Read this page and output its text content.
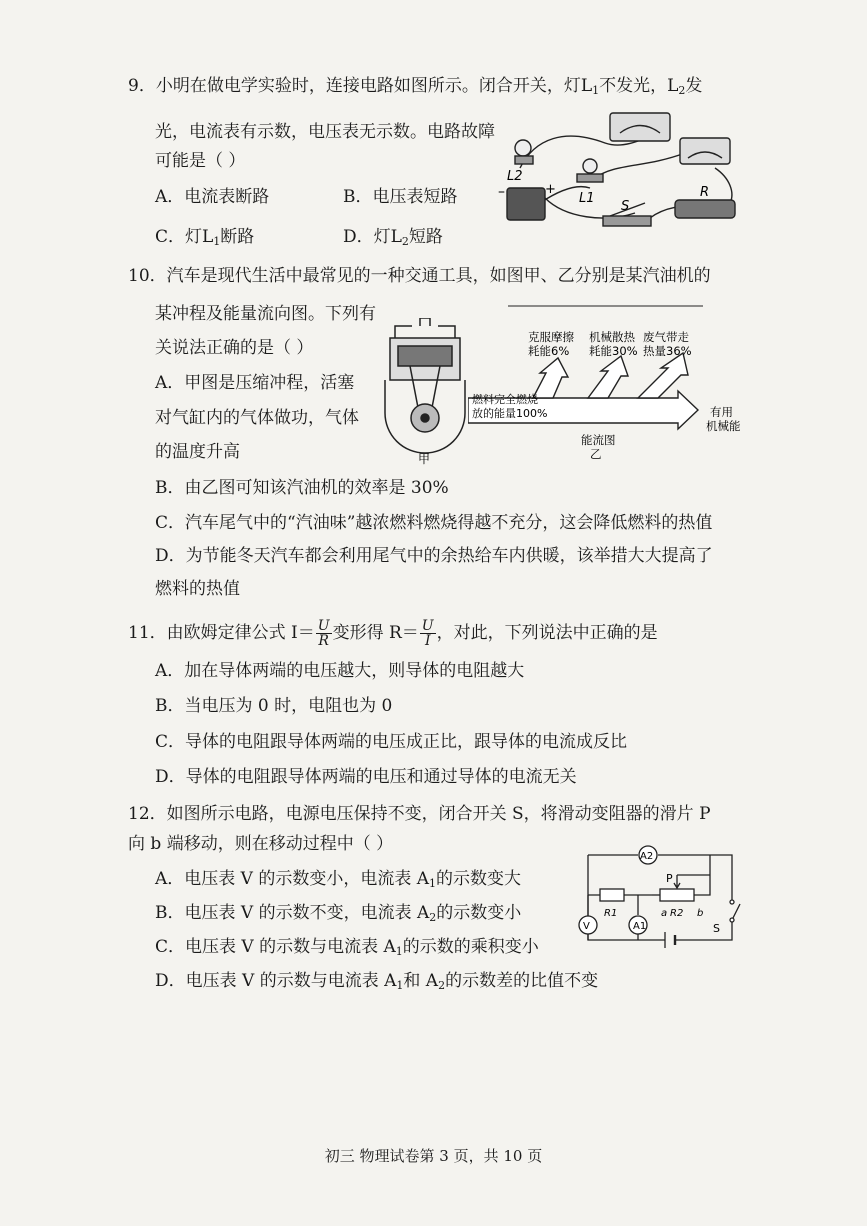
9．小明在做电学实验时，连接电路如图所示。闭合开关，灯$L_1$不发光，$L_2$发
光，电流表有示数，电压表无示数。电路故障
可能是（ ）
A．电流表断路	B．电压表短路
C．灯$L_1$断路	D．灯$L_2$短路
L2
L1
S
R
–	+
10．汽车是现代生活中最常见的一种交通工具，如图甲、乙分别是某汽油机的
某冲程及能量流向图。下列有
关说法正确的是（ ）
A．甲图是压缩冲程，活塞
对气缸内的气体做功，气体
的温度升高
B．由乙图可知该汽油机的效率是 30%
C．汽车尾气中的“汽油味”越浓燃料燃烧得越不充分，这会降低燃料的热值
D．为节能冬天汽车都会利用尾气中的余热给车内供暖，该举措大大提高了
燃料的热值
甲
克服摩擦
耗能6%
机械散热
耗能30%
废气带走
热量36%
燃料完全燃烧
放的能量100%	有用
机械能
能流图
乙
11．由欧姆定律公式 $I= \frac{U}{R}$ 变形得 $R= \frac{U}{I}$ ，对此，下列说法中正确的是
A．加在导体两端的电压越大，则导体的电阻越大
B．当电压为 0 时，电阻也为 0
C．导体的电阻跟导体两端的电压成正比，跟导体的电流成反比
D．导体的电阻跟导体两端的电压和通过导体的电流无关
12．如图所示电路，电源电压保持不变，闭合开关 S，将滑动变阻器的滑片 P
向 b 端移动，则在移动过程中（ ）
A．电压表 V 的示数变小，电流表 $A_1$的示数变大
B．电压表 V 的示数不变，电流表 $A_2$的示数变小
C．电压表 V 的示数与电流表 $A_1$的示数的乘积变小
D．电压表 V 的示数与电流表 $A_1$和 $A_2$的示数差的比值不变
A2
A1
V
P
R1	R2
a	b
S
初三 物理试卷第 3 页，共 10 页
